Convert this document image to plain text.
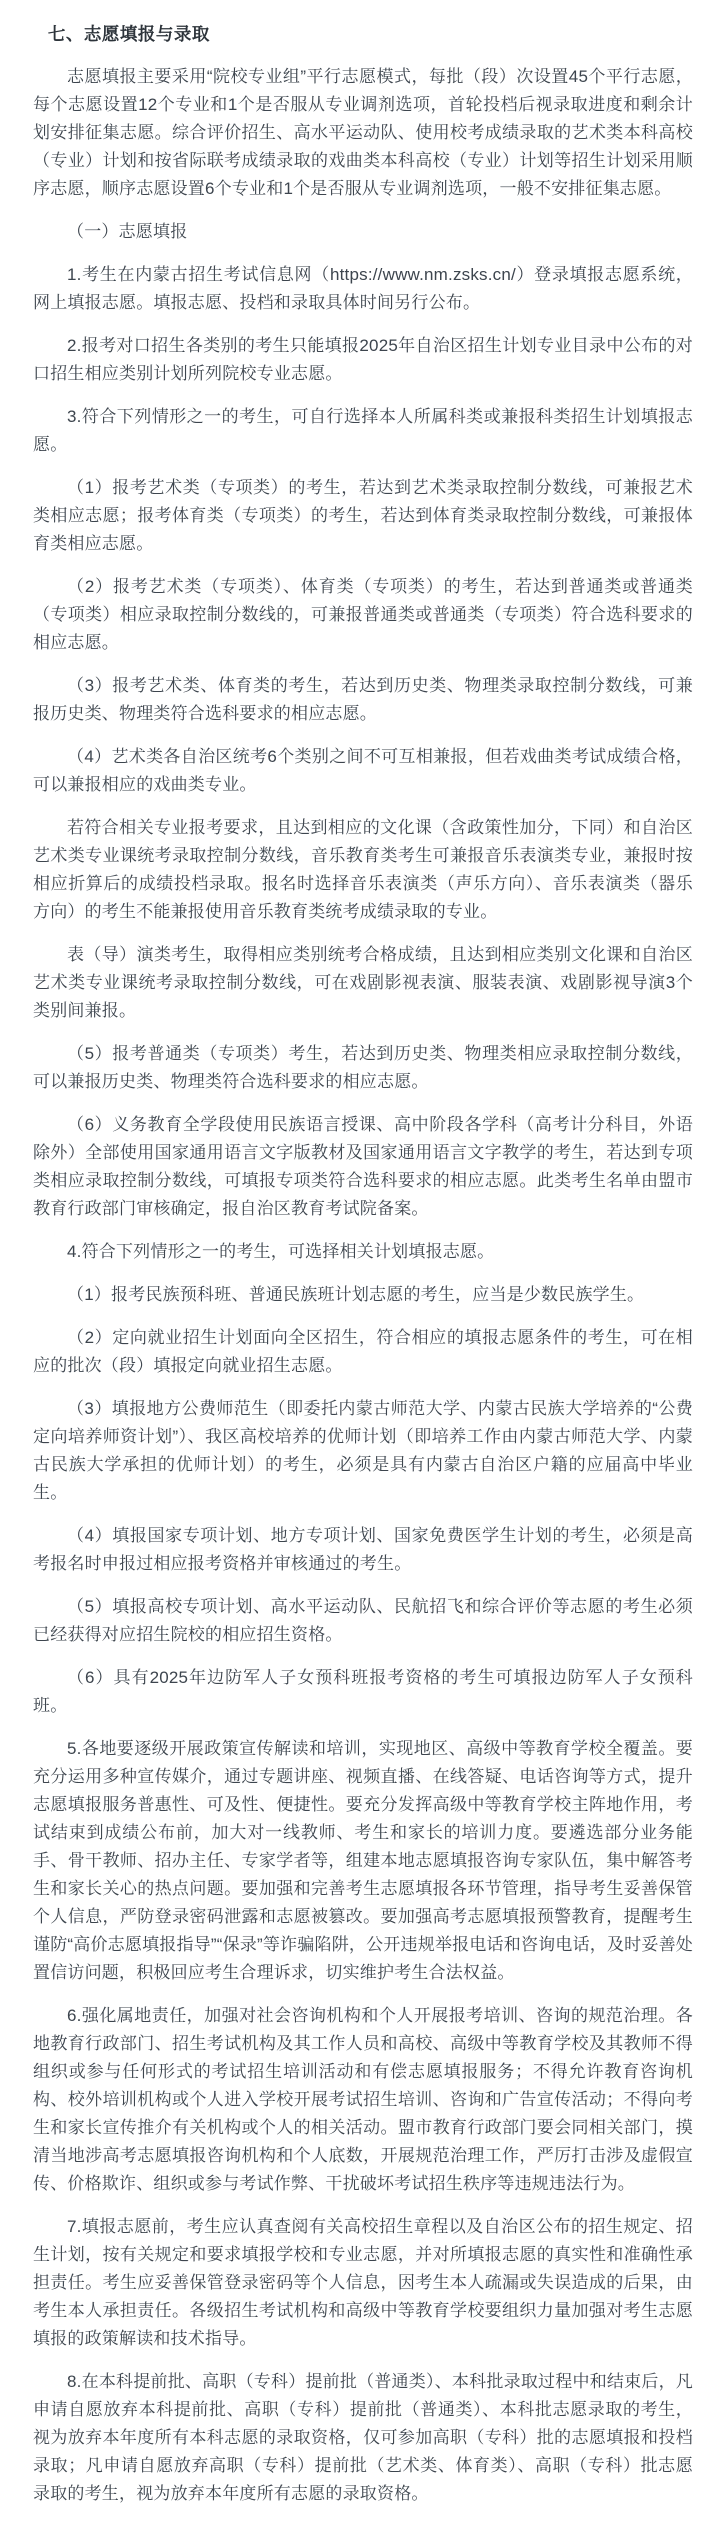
七、志愿填报与录取

志愿填报主要采用“院校专业组”平行志愿模式，每批（段）次设置45个平行志愿，每个志愿设置12个专业和1个是否服从专业调剂选项，首轮投档后视录取进度和剩余计划安排征集志愿。综合评价招生、高水平运动队、使用校考成绩录取的艺术类本科高校（专业）计划和按省际联考成绩录取的戏曲类本科高校（专业）计划等招生计划采用顺序志愿，顺序志愿设置6个专业和1个是否服从专业调剂选项，一般不安排征集志愿。

（一）志愿填报

1.考生在内蒙古招生考试信息网（https://www.nm.zsks.cn/）登录填报志愿系统，网上填报志愿。填报志愿、投档和录取具体时间另行公布。

2.报考对口招生各类别的考生只能填报2025年自治区招生计划专业目录中公布的对口招生相应类别计划所列院校专业志愿。

3.符合下列情形之一的考生，可自行选择本人所属科类或兼报科类招生计划填报志愿。

（1）报考艺术类（专项类）的考生，若达到艺术类录取控制分数线，可兼报艺术类相应志愿；报考体育类（专项类）的考生，若达到体育类录取控制分数线，可兼报体育类相应志愿。

（2）报考艺术类（专项类）、体育类（专项类）的考生，若达到普通类或普通类（专项类）相应录取控制分数线的，可兼报普通类或普通类（专项类）符合选科要求的相应志愿。

（3）报考艺术类、体育类的考生，若达到历史类、物理类录取控制分数线，可兼报历史类、物理类符合选科要求的相应志愿。

（4）艺术类各自治区统考6个类别之间不可互相兼报，但若戏曲类考试成绩合格，可以兼报相应的戏曲类专业。

若符合相关专业报考要求，且达到相应的文化课（含政策性加分，下同）和自治区艺术类专业课统考录取控制分数线，音乐教育类考生可兼报音乐表演类专业，兼报时按相应折算后的成绩投档录取。报名时选择音乐表演类（声乐方向）、音乐表演类（器乐方向）的考生不能兼报使用音乐教育类统考成绩录取的专业。

表（导）演类考生，取得相应类别统考合格成绩，且达到相应类别文化课和自治区艺术类专业课统考录取控制分数线，可在戏剧影视表演、服装表演、戏剧影视导演3个类别间兼报。

（5）报考普通类（专项类）考生，若达到历史类、物理类相应录取控制分数线，可以兼报历史类、物理类符合选科要求的相应志愿。

（6）义务教育全学段使用民族语言授课、高中阶段各学科（高考计分科目，外语除外）全部使用国家通用语言文字版教材及国家通用语言文字教学的考生，若达到专项类相应录取控制分数线，可填报专项类符合选科要求的相应志愿。此类考生名单由盟市教育行政部门审核确定，报自治区教育考试院备案。

4.符合下列情形之一的考生，可选择相关计划填报志愿。

（1）报考民族预科班、普通民族班计划志愿的考生，应当是少数民族学生。

（2）定向就业招生计划面向全区招生，符合相应的填报志愿条件的考生，可在相应的批次（段）填报定向就业招生志愿。

（3）填报地方公费师范生（即委托内蒙古师范大学、内蒙古民族大学培养的“公费定向培养师资计划”）、我区高校培养的优师计划（即培养工作由内蒙古师范大学、内蒙古民族大学承担的优师计划）的考生，必须是具有内蒙古自治区户籍的应届高中毕业生。

（4）填报国家专项计划、地方专项计划、国家免费医学生计划的考生，必须是高考报名时申报过相应报考资格并审核通过的考生。

（5）填报高校专项计划、高水平运动队、民航招飞和综合评价等志愿的考生必须已经获得对应招生院校的相应招生资格。

（6）具有2025年边防军人子女预科班报考资格的考生可填报边防军人子女预科班。

5.各地要逐级开展政策宣传解读和培训，实现地区、高级中等教育学校全覆盖。要充分运用多种宣传媒介，通过专题讲座、视频直播、在线答疑、电话咨询等方式，提升志愿填报服务普惠性、可及性、便捷性。要充分发挥高级中等教育学校主阵地作用，考试结束到成绩公布前，加大对一线教师、考生和家长的培训力度。要遴选部分业务能手、骨干教师、招办主任、专家学者等，组建本地志愿填报咨询专家队伍，集中解答考生和家长关心的热点问题。要加强和完善考生志愿填报各环节管理，指导考生妥善保管个人信息，严防登录密码泄露和志愿被篡改。要加强高考志愿填报预警教育，提醒考生谨防“高价志愿填报指导”“保录”等诈骗陷阱，公开违规举报电话和咨询电话，及时妥善处置信访问题，积极回应考生合理诉求，切实维护考生合法权益。

6.强化属地责任，加强对社会咨询机构和个人开展报考培训、咨询的规范治理。各地教育行政部门、招生考试机构及其工作人员和高校、高级中等教育学校及其教师不得组织或参与任何形式的考试招生培训活动和有偿志愿填报服务；不得允许教育咨询机构、校外培训机构或个人进入学校开展考试招生培训、咨询和广告宣传活动；不得向考生和家长宣传推介有关机构或个人的相关活动。盟市教育行政部门要会同相关部门，摸清当地涉高考志愿填报咨询机构和个人底数，开展规范治理工作，严厉打击涉及虚假宣传、价格欺诈、组织或参与考试作弊、干扰破坏考试招生秩序等违规违法行为。

7.填报志愿前，考生应认真查阅有关高校招生章程以及自治区公布的招生规定、招生计划，按有关规定和要求填报学校和专业志愿，并对所填报志愿的真实性和准确性承担责任。考生应妥善保管登录密码等个人信息，因考生本人疏漏或失误造成的后果，由考生本人承担责任。各级招生考试机构和高级中等教育学校要组织力量加强对考生志愿填报的政策解读和技术指导。

8.在本科提前批、高职（专科）提前批（普通类）、本科批录取过程中和结束后，凡申请自愿放弃本科提前批、高职（专科）提前批（普通类）、本科批志愿录取的考生，视为放弃本年度所有本科志愿的录取资格，仅可参加高职（专科）批的志愿填报和投档录取；凡申请自愿放弃高职（专科）提前批（艺术类、体育类）、高职（专科）批志愿录取的考生，视为放弃本年度所有志愿的录取资格。
